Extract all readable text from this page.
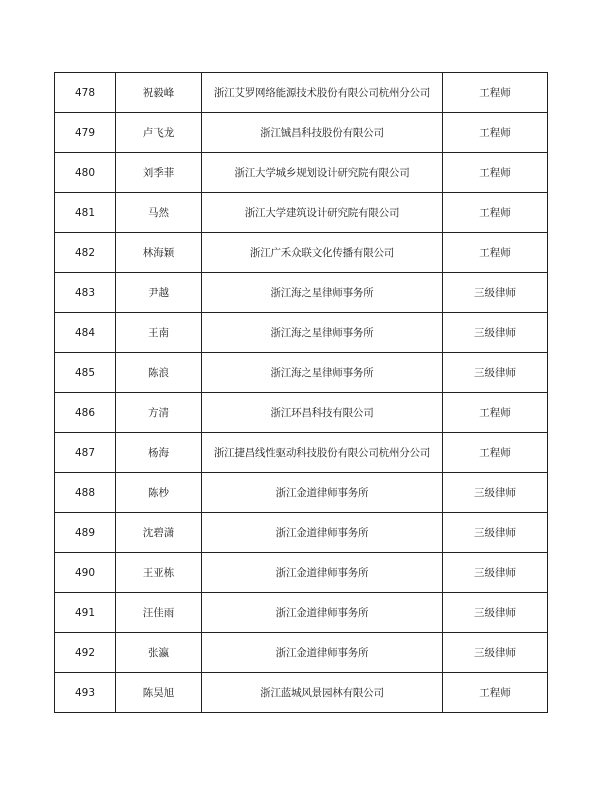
478	祝毅峰	浙江艾罗网络能源技术股份有限公司杭州分公司	工程师
479	卢飞龙	浙江铖昌科技股份有限公司	工程师
480	刘季菲	浙江大学城乡规划设计研究院有限公司	工程师
481	马然	浙江大学建筑设计研究院有限公司	工程师
482	林海颖	浙江广禾众联文化传播有限公司	工程师
483	尹越	浙江海之星律师事务所	三级律师
484	王南	浙江海之星律师事务所	三级律师
485	陈浪	浙江海之星律师事务所	三级律师
486	方清	浙江环昌科技有限公司	工程师
487	杨海	浙江捷昌线性驱动科技股份有限公司杭州分公司	工程师
488	陈杪	浙江金道律师事务所	三级律师
489	沈碧潇	浙江金道律师事务所	三级律师
490	王亚栋	浙江金道律师事务所	三级律师
491	汪佳雨	浙江金道律师事务所	三级律师
492	张瀛	浙江金道律师事务所	三级律师
493	陈昊旭	浙江蓝城风景园林有限公司	工程师
